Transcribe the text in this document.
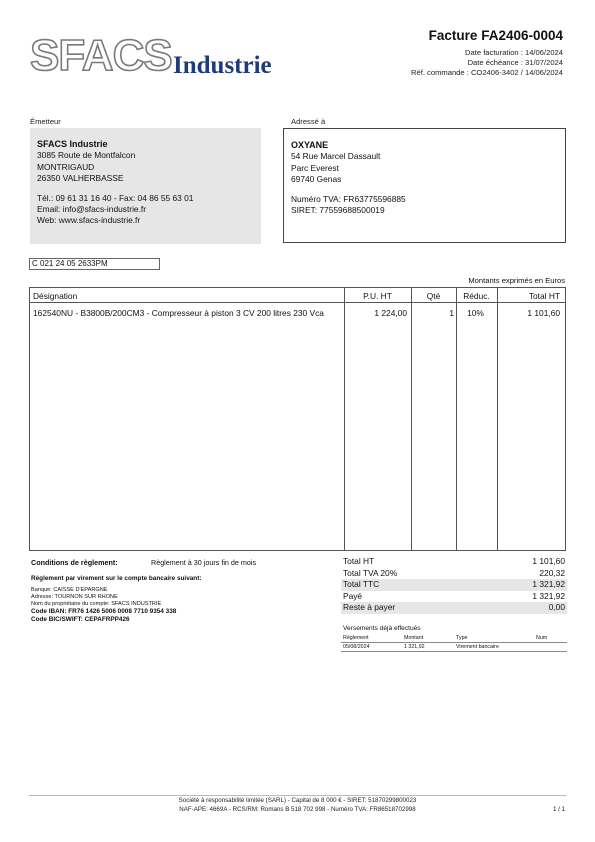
SFACS Industrie
Facture FA2406-0004
Date facturation : 14/06/2024
Date échéance : 31/07/2024
Réf. commande : CO2406-3402 / 14/06/2024
Émetteur
SFACS Industrie
3085 Route de Montfalcon
MONTRIGAUD
26350 VALHERBASSE
Tél.: 09 61 31 16 40 - Fax: 04 86 55 63 01
Email: info@sfacs-industrie.fr
Web: www.sfacs-industrie.fr
Adressé à
OXYANE
54 Rue Marcel Dassault
Parc Everest
69740 Genas
Numéro TVA: FR63775596885
SIRET: 77559688500019
C 021 24 05 2633PM
Montants exprimés en Euros
Désignation	P.U. HT	Qté	Réduc.	Total HT
162540NU - B3800B/200CM3 - Compresseur à piston 3 CV 200 litres 230 Vca	1 224,00	1	10%	1 101,60
Conditions de règlement:	Règlement à 30 jours fin de mois
Règlement par virement sur le compte bancaire suivant:
Banque: CAISSE D'EPARGNE
Adresse: TOURNON SUR RHONE
Nom du propriétaire du compte: SFACS INDUSTRIE
Code IBAN: FR76 1426 5006 0008 7710 9354 338
Code BIC/SWIFT: CEPAFRPP426
Total HT	1 101,60
Total TVA 20%	220,32
Total TTC	1 321,92
Payé	1 321,92
Reste à payer	0,00
Versements déjà effectués
Règlement	Montant	Type	Num
05/08/2024	1 321,92	Virement bancaire
Société à responsabilité limitée (SARL) - Capital de 8 000 € - SIRET: 51870299800023
NAF-APE: 4669A - RCS/RM: Romans B 518 702 998 - Numéro TVA: FR86518702998	1 / 1
